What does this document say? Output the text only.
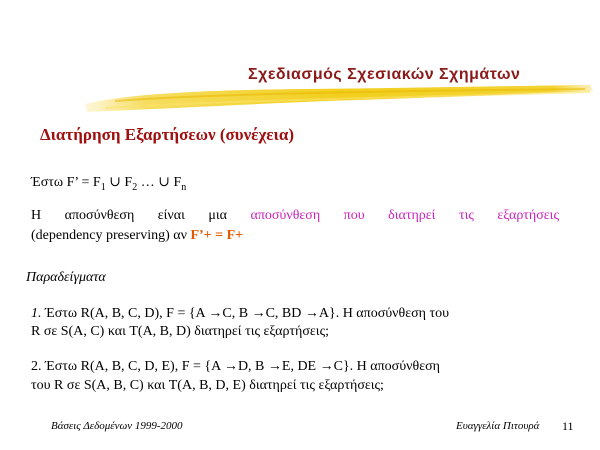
Σχεδιασμός Σχεσιακών Σχημάτων
Διατήρηση Εξαρτήσεων (συνέχεια)
Έστω F’ = $F_1$ ∪ $F_2$ … ∪ $F_n$
Η αποσύνθεση είναι μια αποσύνθεση που διατηρεί τις εξαρτήσεις
(dependency preserving) αν F’+ = F+
Παραδείγματα
1. Έστω R(A, B, C, D), F = {A →C, B →C, BD →A}. Η αποσύνθεση του
R σε S(A, C) και T(A, B, D) διατηρεί τις εξαρτήσεις;
2. Έστω R(A, B, C, D, E), F = {A →D, B →E, DE →C}. Η αποσύνθεση
του R σε S(A, B, C) και T(A, B, D, E) διατηρεί τις εξαρτήσεις;
Βάσεις Δεδομένων 1999-2000	Ευαγγελία Πιτουρά 11
